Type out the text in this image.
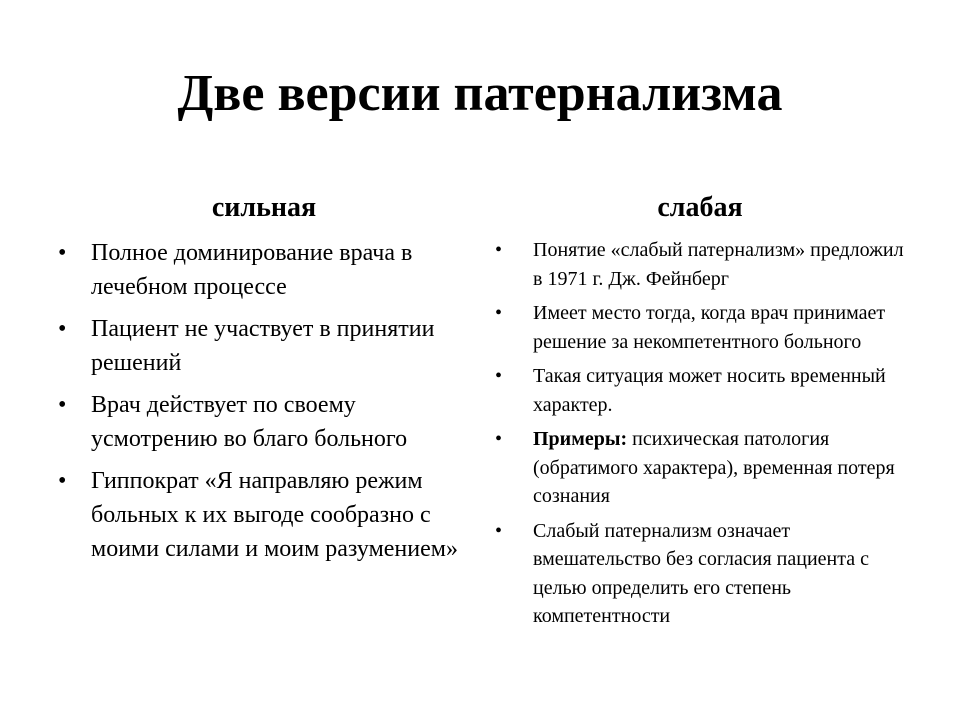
Две версии патернализма
сильная
• Полное доминирование врача в лечебном процессе
• Пациент не участвует в принятии решений
• Врач действует по своему усмотрению во благо больного
• Гиппократ «Я направляю режим больных к их выгоде сообразно с моими силами и моим разумением»
слабая
• Понятие «слабый патернализм» предложил в 1971 г. Дж. Фейнберг
• Имеет место тогда, когда врач принимает решение за некомпетентного больного
• Такая ситуация может носить временный характер.
• Примеры: психическая патология (обратимого характера), временная потеря сознания
• Слабый патернализм означает вмешательство без согласия пациента с целью определить его степень компетентности
